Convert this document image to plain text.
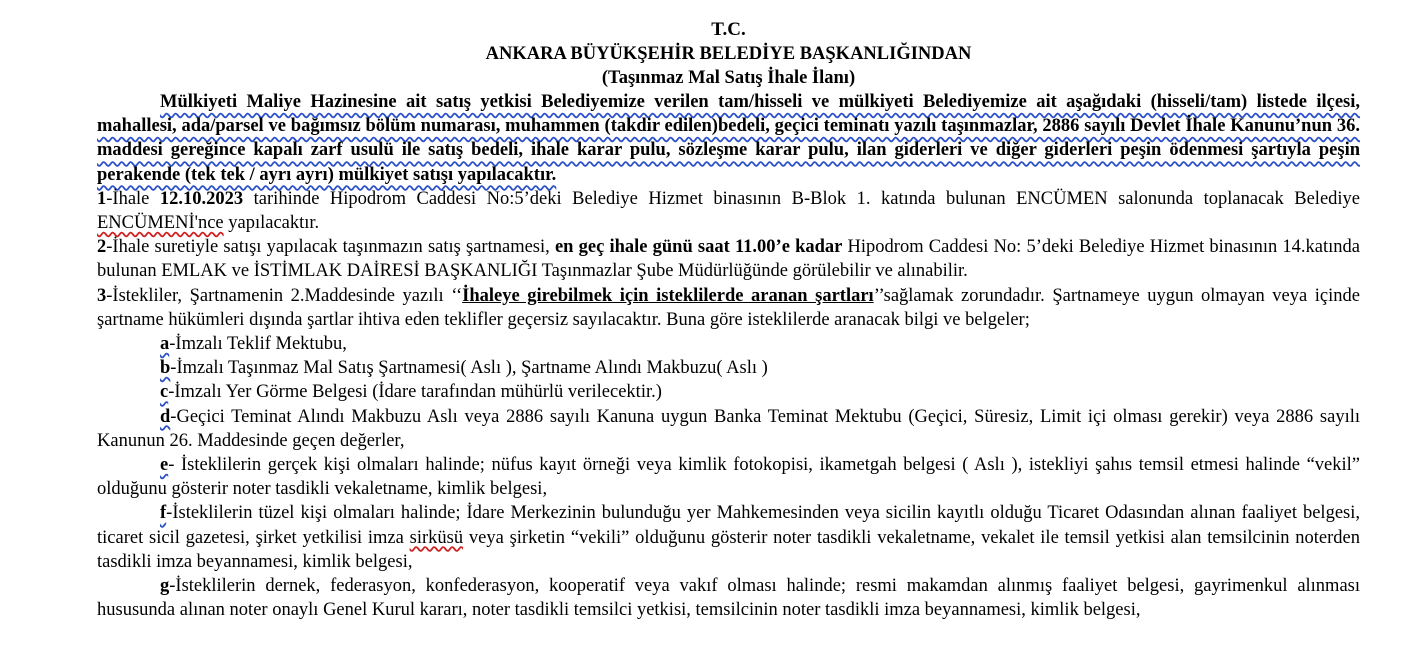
T.C.

ANKARA BÜYÜKŞEHİR BELEDİYE BAŞKANLIĞINDAN

(Taşınmaz Mal Satış İhale İlanı)

Mülkiyeti Maliye Hazinesine ait satış yetkisi Belediyemize verilen tam/hisseli ve mülkiyeti Belediyemize ait aşağıdaki (hisseli/tam) listede ilçesi, mahallesi, ada/parsel ve bağımsız bölüm numarası, muhammen (takdir edilen)bedeli, geçici teminatı yazılı taşınmazlar, 2886 sayılı Devlet İhale Kanunu’nun 36. maddesi gereğince kapalı zarf usulü ile satış bedeli, ihale karar pulu, sözleşme karar pulu, ilan giderleri ve diğer giderleri peşin ödenmesi şartıyla peşin perakende (tek tek / ayrı ayrı) mülkiyet satışı yapılacaktır.

1-İhale 12.10.2023 tarihinde Hipodrom Caddesi No:5’deki Belediye Hizmet binasının B-Blok 1. katında bulunan ENCÜMEN salonunda toplanacak Belediye ENCÜMENİ'nce yapılacaktır.

2-İhale suretiyle satışı yapılacak taşınmazın satış şartnamesi, en geç ihale günü saat 11.00’e kadar Hipodrom Caddesi No: 5’deki Belediye Hizmet binasının 14.katında bulunan EMLAK ve İSTİMLAK DAİRESİ BAŞKANLIĞI Taşınmazlar Şube Müdürlüğünde görülebilir ve alınabilir.

3-İstekliler, Şartnamenin 2.Maddesinde yazılı ‘‘İhaleye girebilmek için isteklilerde aranan şartları’’sağlamak zorundadır. Şartnameye uygun olmayan veya içinde şartname hükümleri dışında şartlar ihtiva eden teklifler geçersiz sayılacaktır. Buna göre isteklilerde aranacak bilgi ve belgeler;

a-İmzalı Teklif Mektubu,

b-İmzalı Taşınmaz Mal Satış Şartnamesi( Aslı ), Şartname Alındı Makbuzu( Aslı )

c-İmzalı Yer Görme Belgesi (İdare tarafından mühürlü verilecektir.)

d-Geçici Teminat Alındı Makbuzu Aslı veya 2886 sayılı Kanuna uygun Banka Teminat Mektubu (Geçici, Süresiz, Limit içi olması gerekir) veya 2886 sayılı Kanunun 26. Maddesinde geçen değerler,

e- İsteklilerin gerçek kişi olmaları halinde; nüfus kayıt örneği veya kimlik fotokopisi, ikametgah belgesi ( Aslı ), istekliyi şahıs temsil etmesi halinde “vekil” olduğunu gösterir noter tasdikli vekaletname, kimlik belgesi,

f-İsteklilerin tüzel kişi olmaları halinde; İdare Merkezinin bulunduğu yer Mahkemesinden veya sicilin kayıtlı olduğu Ticaret Odasından alınan faaliyet belgesi, ticaret sicil gazetesi, şirket yetkilisi imza sirküsü veya şirketin “vekili” olduğunu gösterir noter tasdikli vekaletname, vekalet ile temsil yetkisi alan temsilcinin noterden tasdikli imza beyannamesi, kimlik belgesi,

g-İsteklilerin dernek, federasyon, konfederasyon, kooperatif veya vakıf olması halinde; resmi makamdan alınmış faaliyet belgesi, gayrimenkul alınması hususunda alınan noter onaylı Genel Kurul kararı, noter tasdikli temsilci yetkisi, temsilcinin noter tasdikli imza beyannamesi, kimlik belgesi,
